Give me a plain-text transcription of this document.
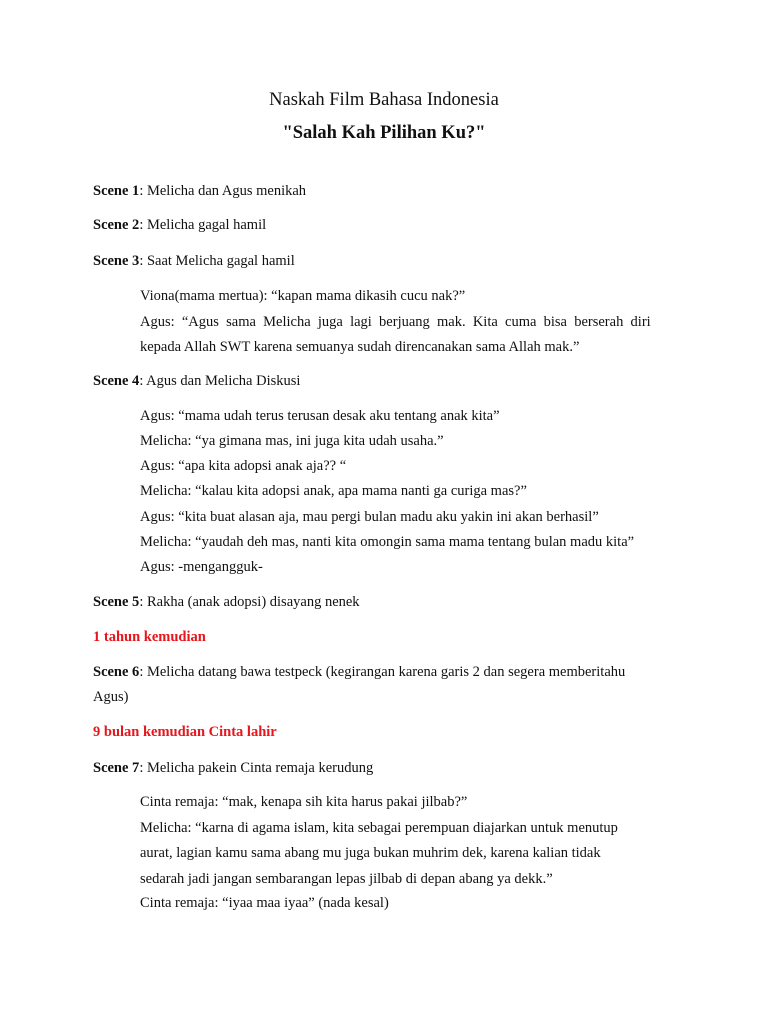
Naskah Film Bahasa Indonesia
"Salah Kah Pilihan Ku?"
Scene 1: Melicha dan Agus menikah
Scene 2: Melicha gagal hamil
Scene 3: Saat Melicha gagal hamil
Viona(mama mertua): “kapan mama dikasih cucu nak?”
Agus: “Agus sama Melicha juga lagi berjuang mak. Kita cuma bisa berserah diri
kepada Allah SWT karena semuanya sudah direncanakan sama Allah mak.”
Scene 4: Agus dan Melicha Diskusi
Agus: “mama udah terus terusan desak aku tentang anak kita”
Melicha: “ya gimana mas, ini juga kita udah usaha.”
Agus: “apa kita adopsi anak aja?? “
Melicha: “kalau kita adopsi anak, apa mama nanti ga curiga mas?”
Agus: “kita buat alasan aja, mau pergi bulan madu aku yakin ini akan berhasil”
Melicha: “yaudah deh mas, nanti kita omongin sama mama tentang bulan madu kita”
Agus: -mengangguk-
Scene 5: Rakha (anak adopsi) disayang nenek
1 tahun kemudian
Scene 6: Melicha datang bawa testpeck (kegirangan karena garis 2 dan segera memberitahu
Agus)
9 bulan kemudian Cinta lahir
Scene 7: Melicha pakein Cinta remaja kerudung
Cinta remaja: “mak, kenapa sih kita harus pakai jilbab?”
Melicha: “karna di agama islam, kita sebagai perempuan diajarkan untuk menutup
aurat, lagian kamu sama abang mu juga bukan muhrim dek, karena kalian tidak
sedarah jadi jangan sembarangan lepas jilbab di depan abang ya dekk.”
Cinta remaja: “iyaa maa iyaa” (nada kesal)
